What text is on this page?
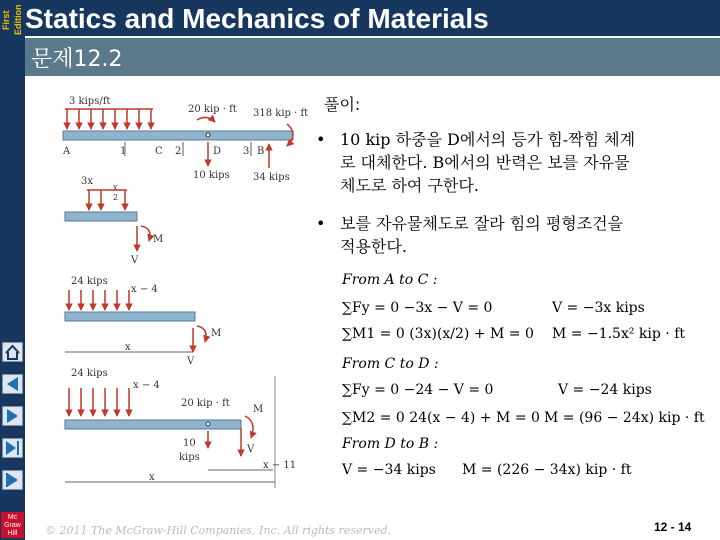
First Edition
Mc Graw Hill
Statics and Mechanics of Materials
문제12.2
3 kips/ft
20 kip · ft 318 kip · ft
A	1	C 2	D 3 B
10 kips 34 kips
3x
x
2
M
V
24 kips
x − 4
M
x
V
24 kips
x − 4
20 kip · ft
M
10
kips
V
x − 11
x
풀이:
• 10 kip 하중을 D에서의 등가 힘-짝힘 체계
로 대체한다. B에서의 반력은 보를 자유물
체도로 하여 구한다.
• 보를 자유물체도로 잘라 힘의 평형조건을
적용한다.
From A to C :
∑Fy = 0 −3x − V = 0	V = −3x kips
∑M1 = 0 (3x)(x/2) + M = 0 M = −1.5x² kip · ft
From C to D :
∑Fy = 0 −24 − V = 0	V = −24 kips
∑M2 = 0 24(x − 4) + M = 0 M = (96 − 24x) kip · ft
From D to B :
V = −34 kips M = (226 − 34x) kip · ft
© 2011 The McGraw-Hill Companies, Inc. All rights reserved.	12 - 14
